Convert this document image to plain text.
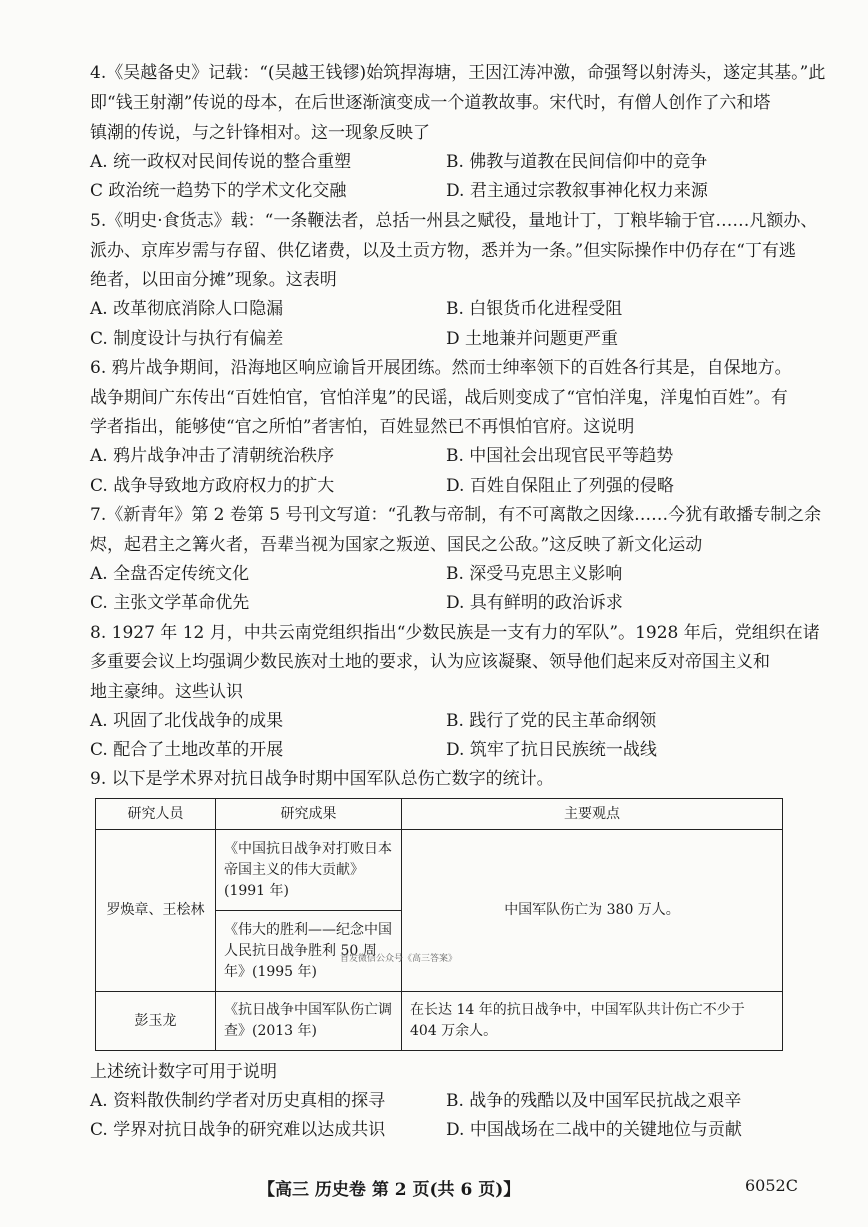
4.《吴越备史》记载：“(吴越王钱镠)始筑捍海塘，王因江涛冲激，命强弩以射涛头，遂定其基。”此
即“钱王射潮”传说的母本，在后世逐渐演变成一个道教故事。宋代时，有僧人创作了六和塔
镇潮的传说，与之针锋相对。这一现象反映了
A. 统一政权对民间传说的整合重塑	B. 佛教与道教在民间信仰中的竞争
C 政治统一趋势下的学术文化交融	D. 君主通过宗教叙事神化权力来源
5.《明史·食货志》载：“一条鞭法者，总括一州县之赋役，量地计丁，丁粮毕输于官……凡额办、
派办、京库岁需与存留、供亿诸费，以及土贡方物，悉并为一条。”但实际操作中仍存在“丁有逃
绝者，以田亩分摊”现象。这表明
A. 改革彻底消除人口隐漏	B. 白银货币化进程受阻
C. 制度设计与执行有偏差	D 土地兼并问题更严重
6. 鸦片战争期间，沿海地区响应谕旨开展团练。然而士绅率领下的百姓各行其是，自保地方。
战争期间广东传出“百姓怕官，官怕洋鬼”的民谣，战后则变成了“官怕洋鬼，洋鬼怕百姓”。有
学者指出，能够使“官之所怕”者害怕，百姓显然已不再惧怕官府。这说明
A. 鸦片战争冲击了清朝统治秩序	B. 中国社会出现官民平等趋势
C. 战争导致地方政府权力的扩大	D. 百姓自保阻止了列强的侵略
7.《新青年》第 2 卷第 5 号刊文写道：“孔教与帝制，有不可离散之因缘……今犹有敢播专制之余
烬，起君主之篝火者，吾辈当视为国家之叛逆、国民之公敌。”这反映了新文化运动
A. 全盘否定传统文化	B. 深受马克思主义影响
C. 主张文学革命优先	D. 具有鲜明的政治诉求
8. 1927 年 12 月，中共云南党组织指出“少数民族是一支有力的军队”。1928 年后，党组织在诸
多重要会议上均强调少数民族对土地的要求，认为应该凝聚、领导他们起来反对帝国主义和
地主豪绅。这些认识
A. 巩固了北伐战争的成果	B. 践行了党的民主革命纲领
C. 配合了土地改革的开展	D. 筑牢了抗日民族统一战线
9. 以下是学术界对抗日战争时期中国军队总伤亡数字的统计。
研究人员	研究成果	主要观点
罗焕章、王桧林	《中国抗日战争对打败日本帝国主义的伟大贡献》(1991 年)	中国军队伤亡为 380 万人。
	《伟大的胜利——纪念中国人民抗日战争胜利 50 周年》(1995 年)	
彭玉龙	《抗日战争中国军队伤亡调查》(2013 年)	在长达 14 年的抗日战争中，中国军队共计伤亡不少于 404 万余人。
首发微信公众号《高三答案》
上述统计数字可用于说明
A. 资料散佚制约学者对历史真相的探寻	B. 战争的残酷以及中国军民抗战之艰辛
C. 学界对抗日战争的研究难以达成共识	D. 中国战场在二战中的关键地位与贡献
【高三 历史卷 第 2 页(共 6 页)】	6052C
